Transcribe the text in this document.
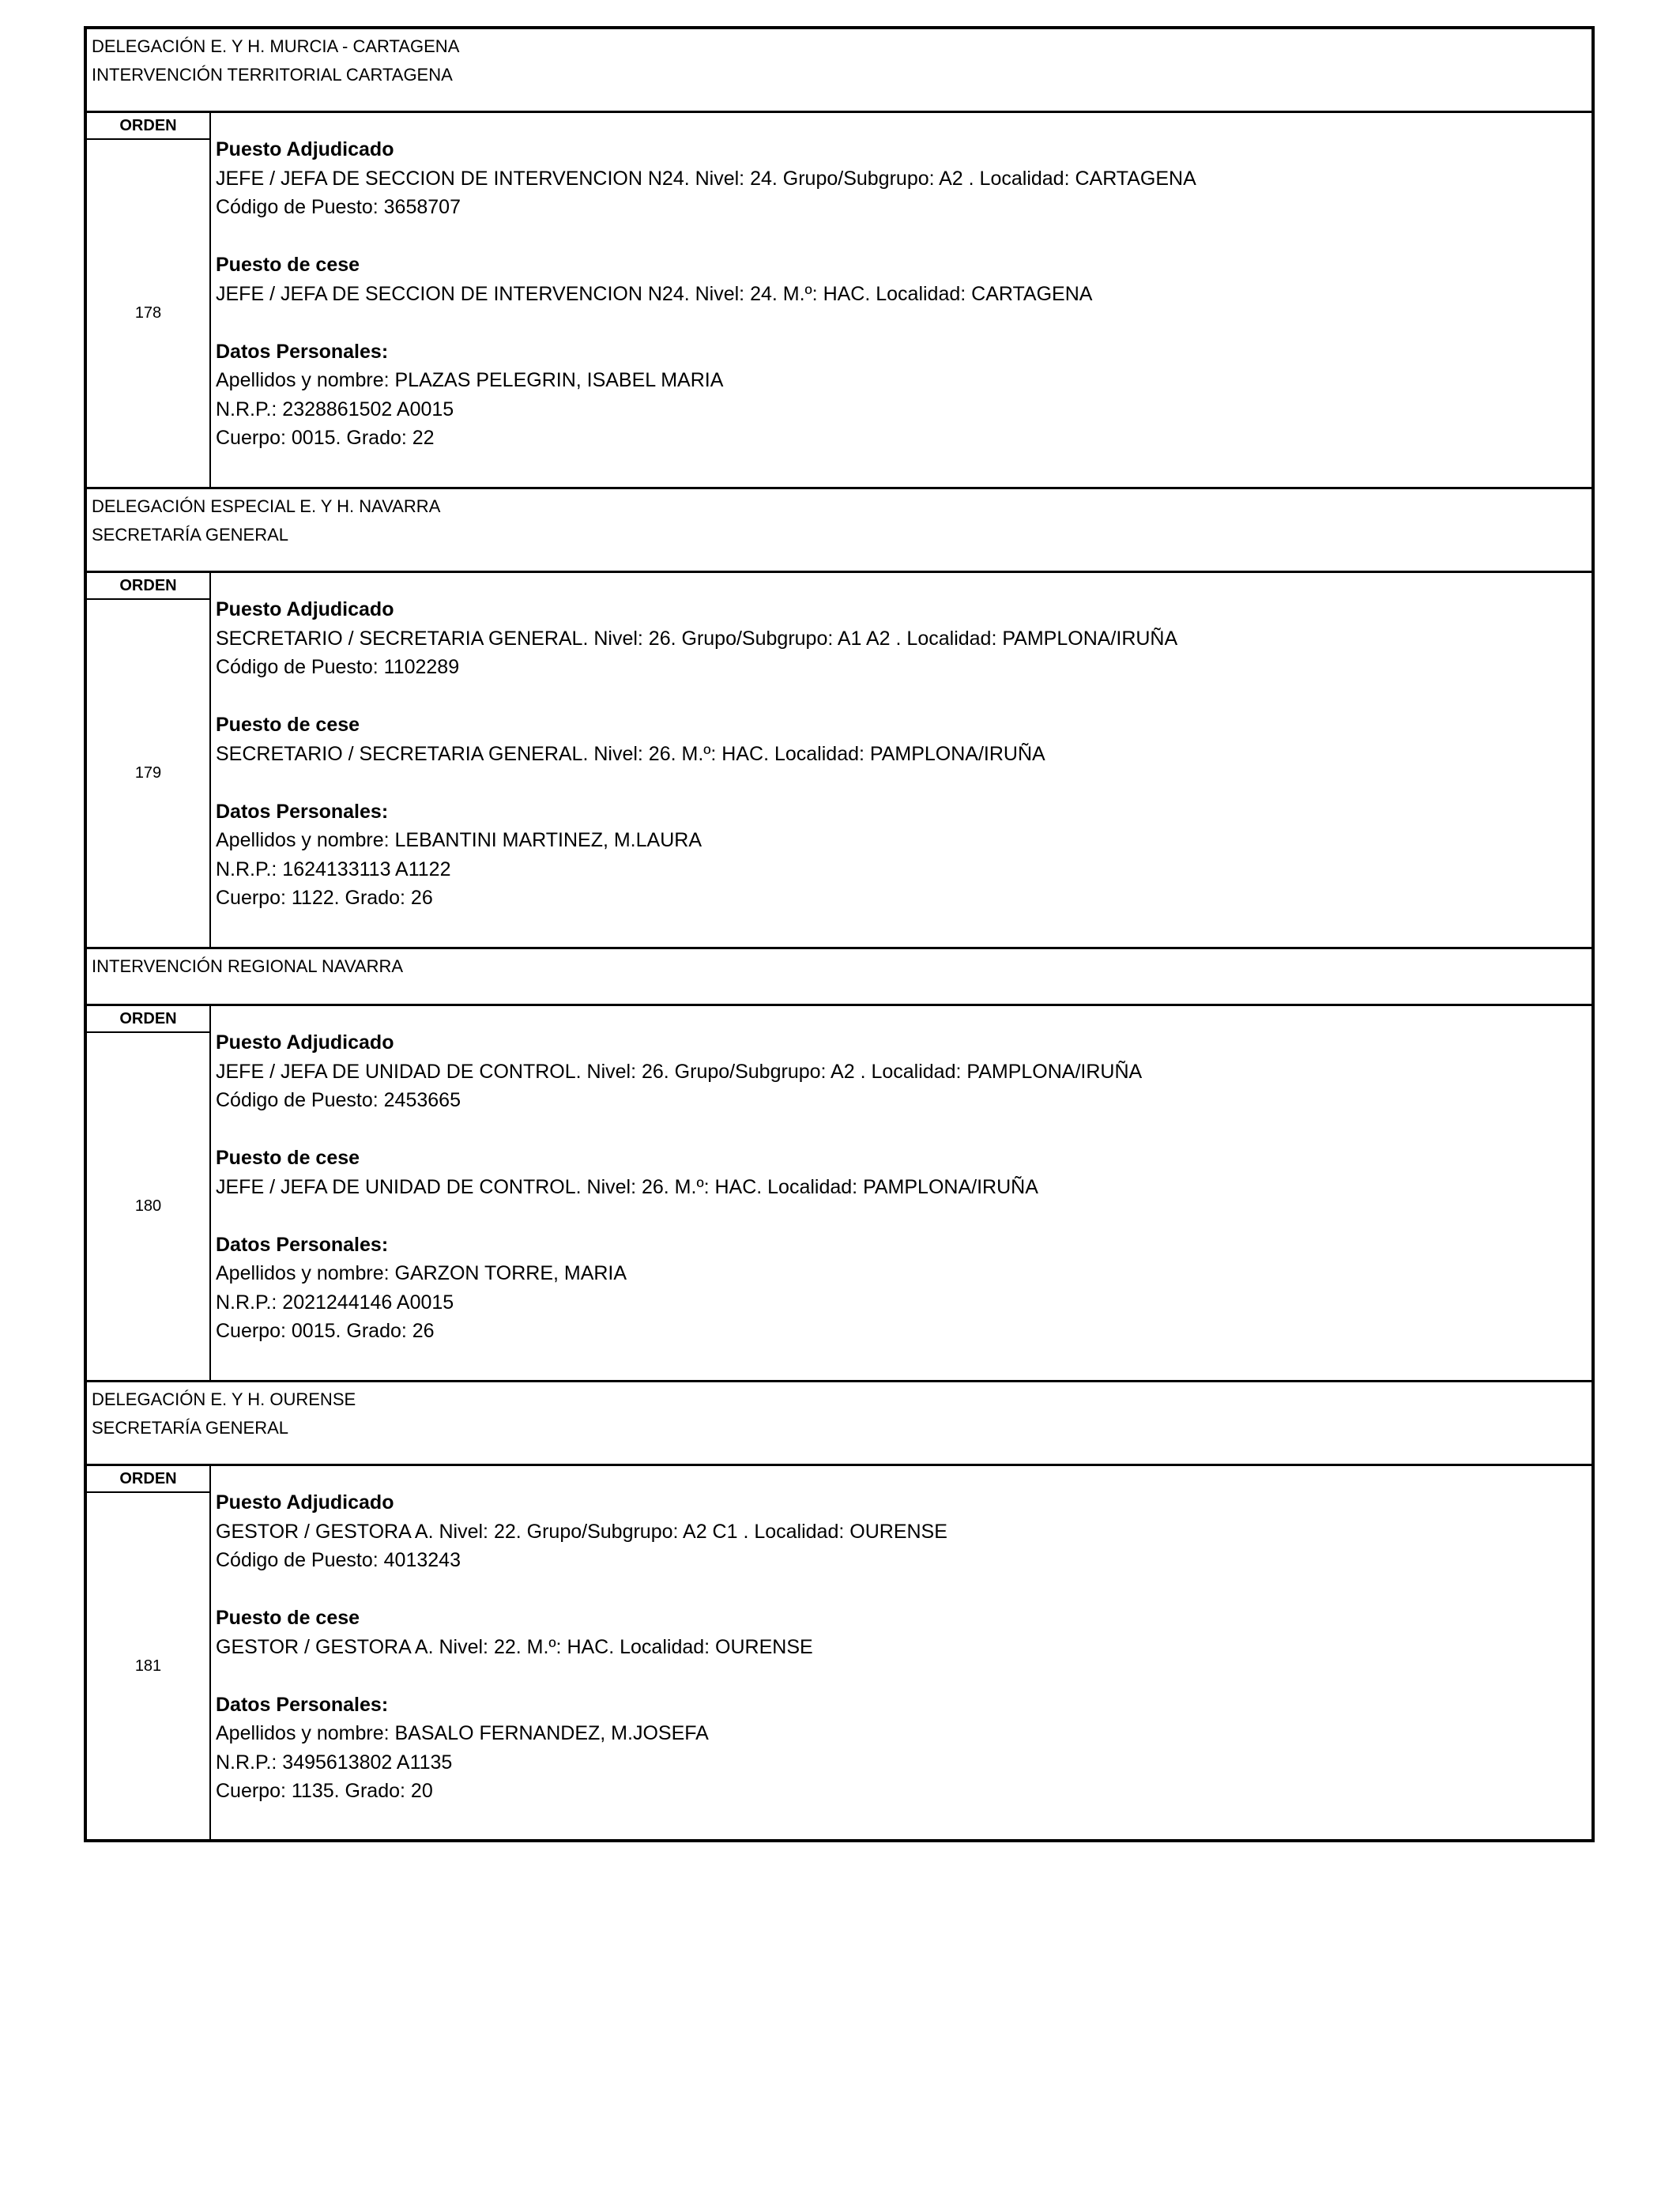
DELEGACIÓN E. Y H. MURCIA - CARTAGENA
INTERVENCIÓN TERRITORIAL CARTAGENA
ORDEN
178
Puesto Adjudicado
JEFE / JEFA DE SECCION DE INTERVENCION N24. Nivel: 24. Grupo/Subgrupo: A2 . Localidad: CARTAGENA
Código de Puesto: 3658707
Puesto de cese
JEFE / JEFA DE SECCION DE INTERVENCION N24. Nivel: 24. M.º: HAC. Localidad: CARTAGENA
Datos Personales:
Apellidos y nombre: PLAZAS PELEGRIN, ISABEL MARIA
N.R.P.: 2328861502 A0015
Cuerpo: 0015. Grado: 22
DELEGACIÓN ESPECIAL E. Y H. NAVARRA
SECRETARÍA GENERAL
ORDEN
179
Puesto Adjudicado
SECRETARIO / SECRETARIA GENERAL. Nivel: 26. Grupo/Subgrupo: A1 A2 . Localidad: PAMPLONA/IRUÑA
Código de Puesto: 1102289
Puesto de cese
SECRETARIO / SECRETARIA GENERAL. Nivel: 26. M.º: HAC. Localidad: PAMPLONA/IRUÑA
Datos Personales:
Apellidos y nombre: LEBANTINI MARTINEZ, M.LAURA
N.R.P.: 1624133113 A1122
Cuerpo: 1122. Grado: 26
INTERVENCIÓN REGIONAL NAVARRA
ORDEN
180
Puesto Adjudicado
JEFE / JEFA DE UNIDAD DE CONTROL. Nivel: 26. Grupo/Subgrupo: A2 . Localidad: PAMPLONA/IRUÑA
Código de Puesto: 2453665
Puesto de cese
JEFE / JEFA DE UNIDAD DE CONTROL. Nivel: 26. M.º: HAC. Localidad: PAMPLONA/IRUÑA
Datos Personales:
Apellidos y nombre: GARZON TORRE, MARIA
N.R.P.: 2021244146 A0015
Cuerpo: 0015. Grado: 26
DELEGACIÓN E. Y H. OURENSE
SECRETARÍA GENERAL
ORDEN
181
Puesto Adjudicado
GESTOR / GESTORA A. Nivel: 22. Grupo/Subgrupo: A2 C1 . Localidad: OURENSE
Código de Puesto: 4013243
Puesto de cese
GESTOR / GESTORA A. Nivel: 22. M.º: HAC. Localidad: OURENSE
Datos Personales:
Apellidos y nombre: BASALO FERNANDEZ, M.JOSEFA
N.R.P.: 3495613802 A1135
Cuerpo: 1135. Grado: 20
